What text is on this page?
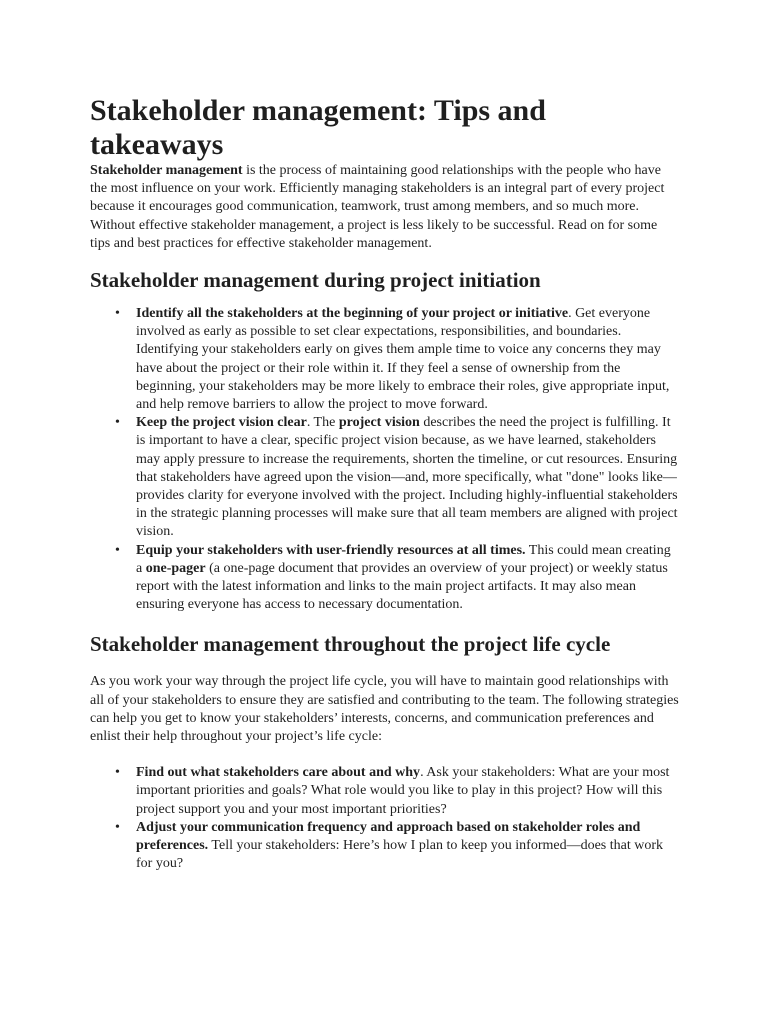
Stakeholder management: Tips and takeaways

Stakeholder management is the process of maintaining good relationships with the people who have the most influence on your work. Efficiently managing stakeholders is an integral part of every project because it encourages good communication, teamwork, trust among members, and so much more. Without effective stakeholder management, a project is less likely to be successful. Read on for some tips and best practices for effective stakeholder management.

Stakeholder management during project initiation
• Identify all the stakeholders at the beginning of your project or initiative. Get everyone involved as early as possible to set clear expectations, responsibilities, and boundaries. Identifying your stakeholders early on gives them ample time to voice any concerns they may have about the project or their role within it. If they feel a sense of ownership from the beginning, your stakeholders may be more likely to embrace their roles, give appropriate input, and help remove barriers to allow the project to move forward.
• Keep the project vision clear. The project vision describes the need the project is fulfilling. It is important to have a clear, specific project vision because, as we have learned, stakeholders may apply pressure to increase the requirements, shorten the timeline, or cut resources. Ensuring that stakeholders have agreed upon the vision—and, more specifically, what "done" looks like—provides clarity for everyone involved with the project. Including highly-influential stakeholders in the strategic planning processes will make sure that all team members are aligned with project vision.
• Equip your stakeholders with user-friendly resources at all times. This could mean creating a one-pager (a one-page document that provides an overview of your project) or weekly status report with the latest information and links to the main project artifacts. It may also mean ensuring everyone has access to necessary documentation.
Stakeholder management throughout the project life cycle

As you work your way through the project life cycle, you will have to maintain good relationships with all of your stakeholders to ensure they are satisfied and contributing to the team. The following strategies can help you get to know your stakeholders’ interests, concerns, and communication preferences and enlist their help throughout your project’s life cycle:

• Find out what stakeholders care about and why. Ask your stakeholders: What are your most important priorities and goals? What role would you like to play in this project? How will this project support you and your most important priorities?
• Adjust your communication frequency and approach based on stakeholder roles and preferences. Tell your stakeholders: Here’s how I plan to keep you informed—does that work for you?
